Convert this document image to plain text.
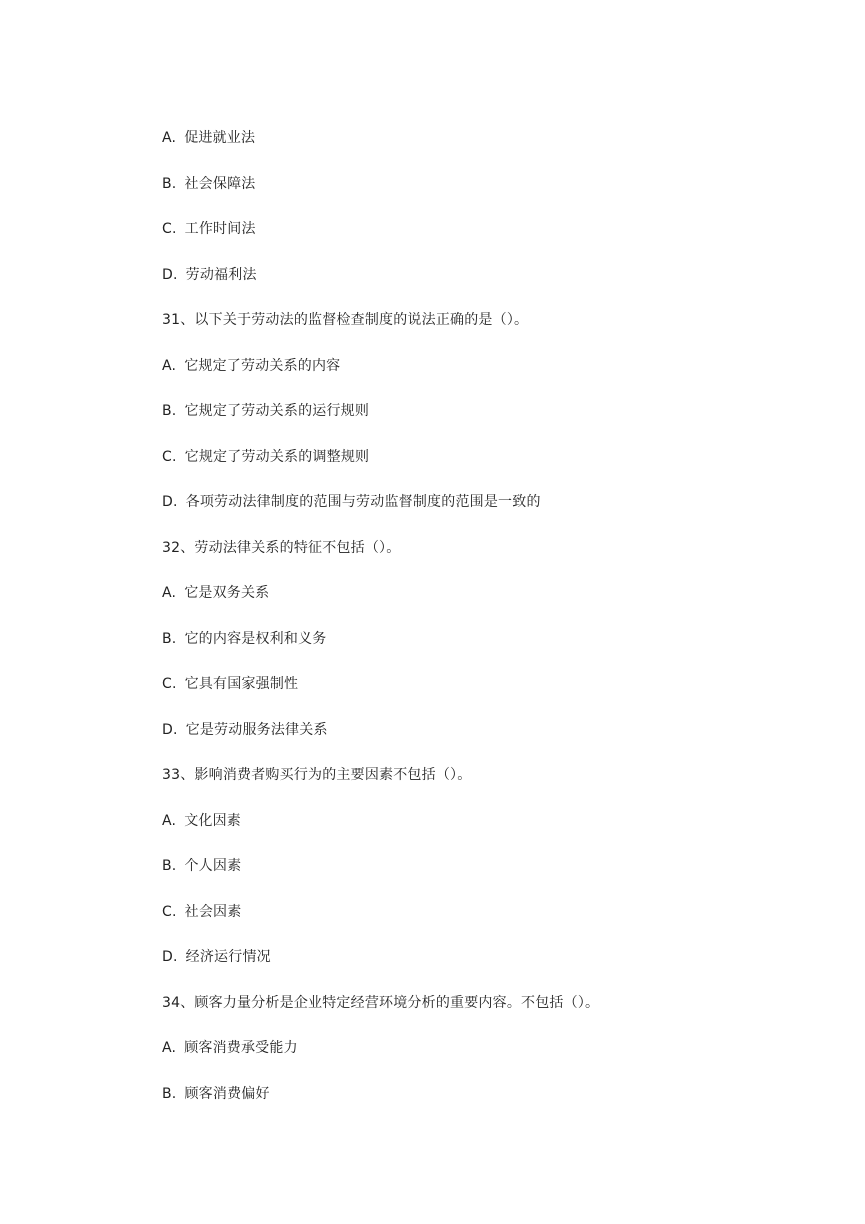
A. 促进就业法
B. 社会保障法
C. 工作时间法
D. 劳动福利法
31、以下关于劳动法的监督检查制度的说法正确的是（）。
A. 它规定了劳动关系的内容
B. 它规定了劳动关系的运行规则
C. 它规定了劳动关系的调整规则
D. 各项劳动法律制度的范围与劳动监督制度的范围是一致的
32、劳动法律关系的特征不包括（）。
A. 它是双务关系
B. 它的内容是权利和义务
C. 它具有国家强制性
D. 它是劳动服务法律关系
33、影响消费者购买行为的主要因素不包括（）。
A. 文化因素
B. 个人因素
C. 社会因素
D. 经济运行情况
34、顾客力量分析是企业特定经营环境分析的重要内容。不包括（）。
A. 顾客消费承受能力
B. 顾客消费偏好
